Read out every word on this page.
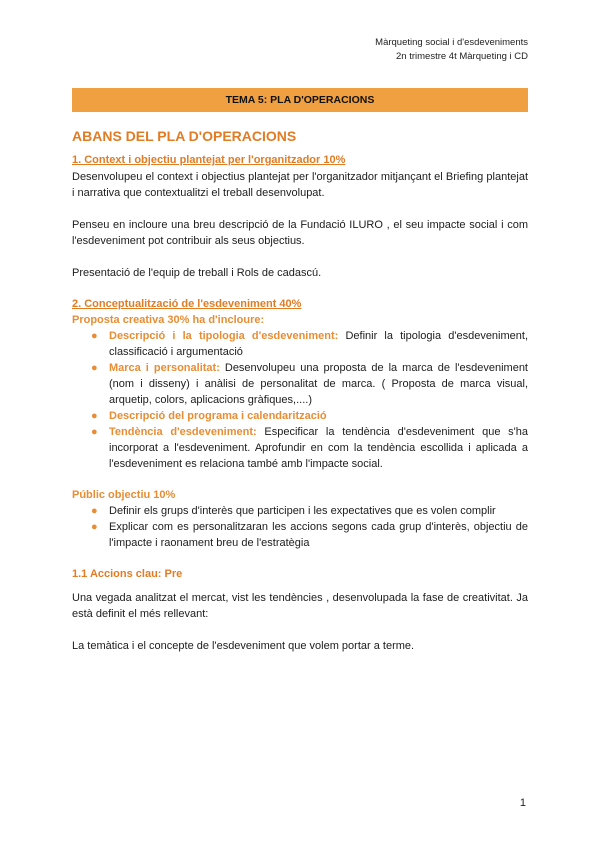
Màrqueting social i d'esdeveniments
2n trimestre 4t Màrqueting i CD
TEMA 5: PLA D'OPERACIONS
ABANS DEL PLA D'OPERACIONS
1. Context i objectiu plantejat per l'organitzador 10%

Desenvolupeu el context i objectius plantejat per l'organitzador mitjançant el Briefing plantejat i narrativa que contextualitzi el treball desenvolupat.

Penseu en incloure una breu descripció de la Fundació ILURO , el seu impacte social i com l'esdeveniment pot contribuir als seus objectius.

Presentació de l'equip de treball i Rols de cadascú.

2. Conceptualització de l'esdeveniment 40%
Proposta creativa 30% ha d'incloure:
● Descripció i la tipologia d'esdeveniment: Definir la tipologia d'esdeveniment, classificació i argumentació
● Marca i personalitat: Desenvolupeu una proposta de la marca de l'esdeveniment (nom i disseny) i anàlisi de personalitat de marca. ( Proposta de marca visual, arquetip, colors, aplicacions gràfiques,....)
● Descripció del programa i calendarització
● Tendència d'esdeveniment: Especificar la tendència d'esdeveniment que s'ha incorporat a l'esdeveniment. Aprofundir en com la tendència escollida i aplicada a l'esdeveniment es relaciona també amb l'impacte social.
Públic objectiu 10%
● Definir els grups d'interès que participen i les expectatives que es volen complir
● Explicar com es personalitzaran les accions segons cada grup d'interès, objectiu de l'impacte i raonament breu de l'estratègia
1.1 Accions clau: Pre

Una vegada analitzat el mercat, vist les tendències , desenvolupada la fase de creativitat. Ja està definit el més rellevant:

La temàtica i el concepte de l'esdeveniment que volem portar a terme.

1
